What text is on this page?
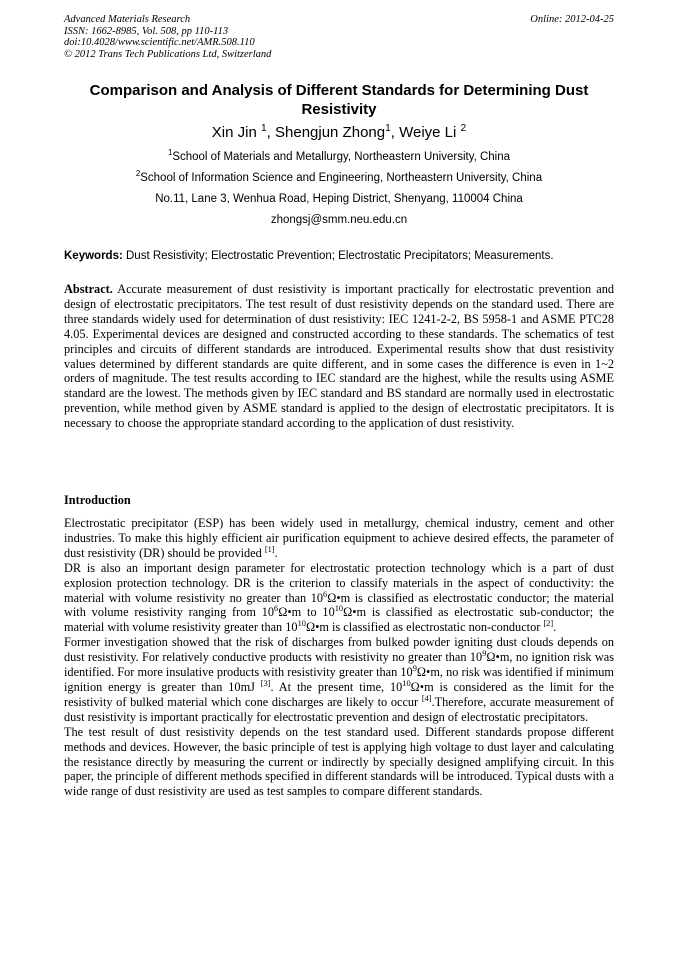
Advanced Materials Research
ISSN: 1662-8985, Vol. 508, pp 110-113
doi:10.4028/www.scientific.net/AMR.508.110
© 2012 Trans Tech Publications Ltd, Switzerland
Online: 2012-04-25
Comparison and Analysis of Different Standards for Determining Dust
Resistivity
Xin Jin $^1$, Shengjun Zhong$^1$, Weiye Li $^2$
$^1$School of Materials and Metallurgy, Northeastern University, China
$^2$School of Information Science and Engineering, Northeastern University, China
No.11, Lane 3, Wenhua Road, Heping District, Shenyang, 110004 China
zhongsj@smm.neu.edu.cn
Keywords: Dust Resistivity; Electrostatic Prevention; Electrostatic Precipitators; Measurements.

Abstract. Accurate measurement of dust resistivity is important practically for electrostatic prevention and design of electrostatic precipitators. The test result of dust resistivity depends on the standard used. There are three standards widely used for determination of dust resistivity: IEC 1241-2-2, BS 5958-1 and ASME PTC28 4.05. Experimental devices are designed and constructed according to these standards. The schematics of test principles and circuits of different standards are introduced. Experimental results show that dust resistivity values determined by different standards are quite different, and in some cases the difference is even in 1~2 orders of magnitude. The test results according to IEC standard are the highest, while the results using ASME standard are the lowest. The methods given by IEC standard and BS standard are normally used in electrostatic prevention, while method given by ASME standard is applied to the design of electrostatic precipitators. It is necessary to choose the appropriate standard according to the application of dust resistivity.

Introduction

Electrostatic precipitator (ESP) has been widely used in metallurgy, chemical industry, cement and other industries. To make this highly efficient air purification equipment to achieve desired effects, the parameter of dust resistivity (DR) should be provided [1].

DR is also an important design parameter for electrostatic protection technology which is a part of dust explosion protection technology. DR is the criterion to classify materials in the aspect of conductivity: the material with volume resistivity no greater than $10^6\Omega•m$ is classified as electrostatic conductor; the material with volume resistivity ranging from $10^6\Omega•m$ to $10^{10}\Omega•m$ is classified as electrostatic sub-conductor; the material with volume resistivity greater than $10^{10}\Omega•m$ is classified as electrostatic non-conductor [2].

Former investigation showed that the risk of discharges from bulked powder igniting dust clouds depends on dust resistivity. For relatively conductive products with resistivity no greater than $10^9\Omega•m$, no ignition risk was identified. For more insulative products with resistivity greater than $10^9\Omega•m$, no risk was identified if minimum ignition energy is greater than 10mJ [3]. At the present time, $10^{10}\Omega•m$ is considered as the limit for the resistivity of bulked material which cone discharges are likely to occur [4].Therefore, accurate measurement of dust resistivity is important practically for electrostatic prevention and design of electrostatic precipitators.

The test result of dust resistivity depends on the test standard used. Different standards propose different methods and devices. However, the basic principle of test is applying high voltage to dust layer and calculating the resistance directly by measuring the current or indirectly by specially designed amplifying circuit. In this paper, the principle of different methods specified in different standards will be introduced. Typical dusts with a wide range of dust resistivity are used as test samples to compare different standards.
